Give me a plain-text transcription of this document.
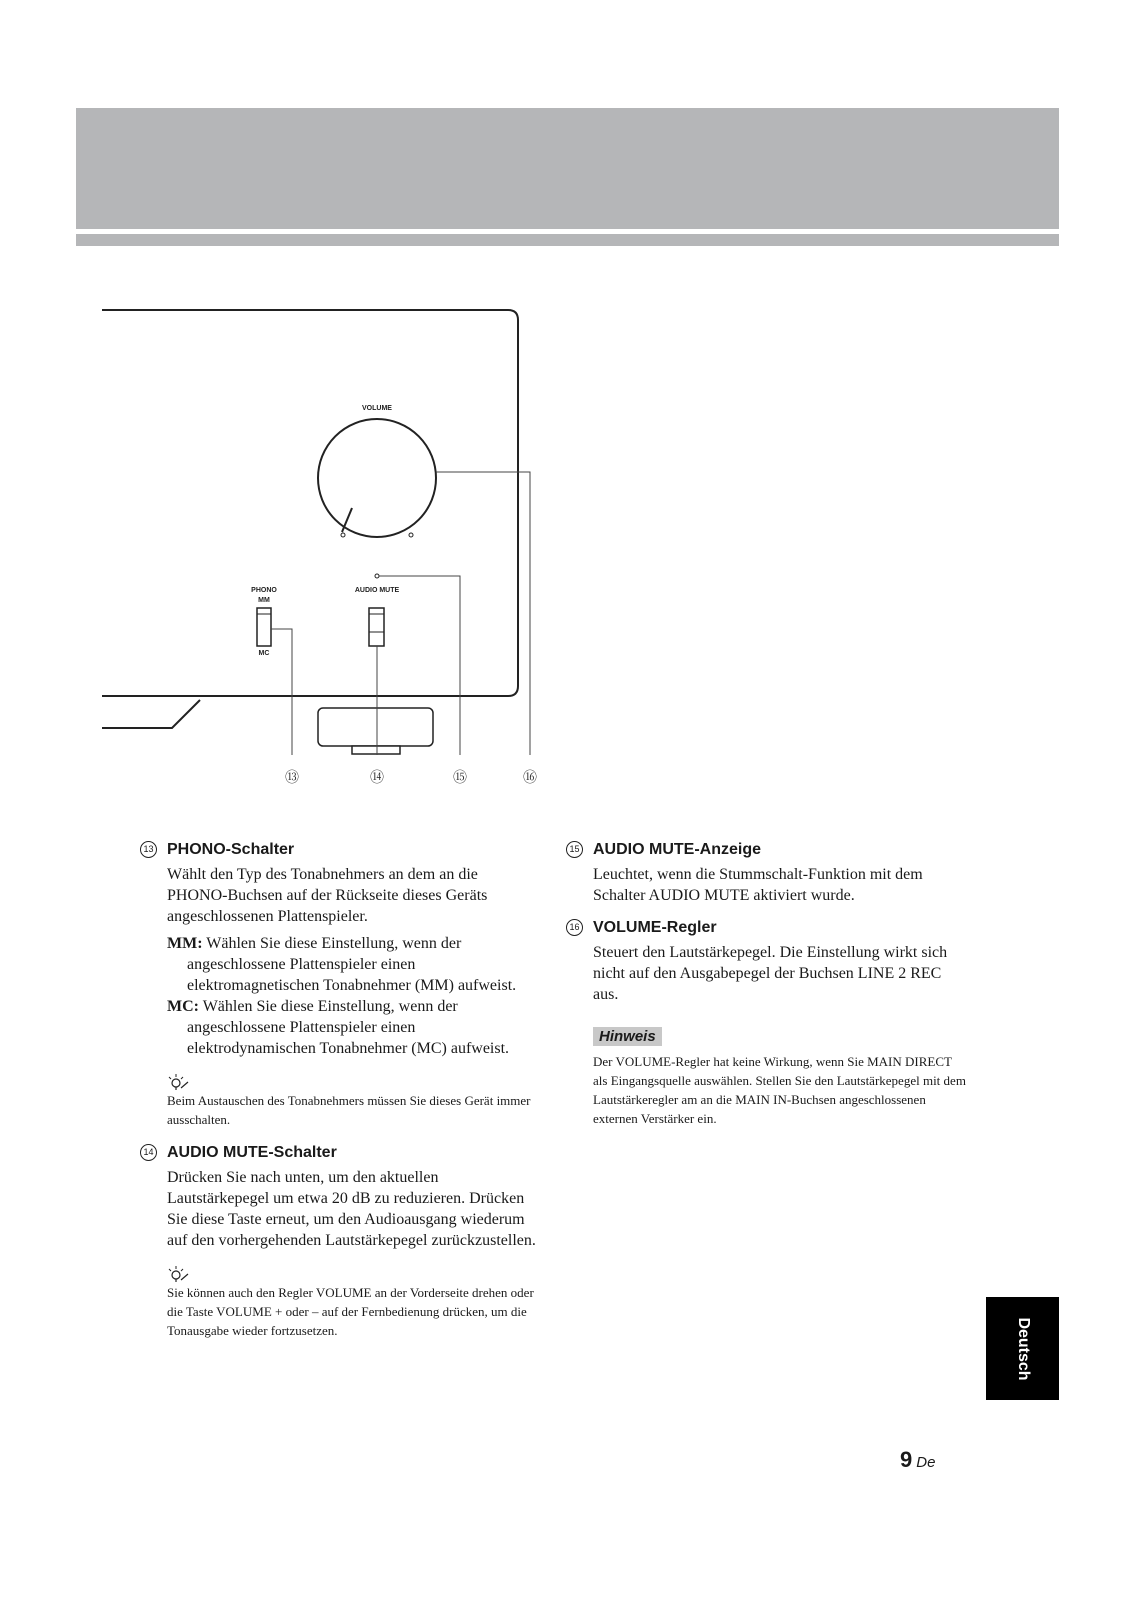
VOLUME
PHONO
MM
MC
AUDIO MUTE
⑬	⑭	⑮	⑯
13 PHONO-Schalter

Wählt den Typ des Tonabnehmers an dem an die PHONO-Buchsen auf der Rückseite dieses Geräts angeschlossenen Plattenspieler.

MM: Wählen Sie diese Einstellung, wenn der angeschlossene Plattenspieler einen elektromagnetischen Tonabnehmer (MM) aufweist.

MC: Wählen Sie diese Einstellung, wenn der angeschlossene Plattenspieler einen elektrodynamischen Tonabnehmer (MC) aufweist.

Beim Austauschen des Tonabnehmers müssen Sie dieses Gerät immer ausschalten.
14 AUDIO MUTE-Schalter

Drücken Sie nach unten, um den aktuellen Lautstärkepegel um etwa 20 dB zu reduzieren. Drücken Sie diese Taste erneut, um den Audioausgang wiederum auf den vorhergehenden Lautstärkepegel zurückzustellen.

Sie können auch den Regler VOLUME an der Vorderseite drehen oder die Taste VOLUME + oder – auf der Fernbedienung drücken, um die Tonausgabe wieder fortzusetzen.
15 AUDIO MUTE-Anzeige

Leuchtet, wenn die Stummschalt-Funktion mit dem Schalter AUDIO MUTE aktiviert wurde.

16 VOLUME-Regler

Steuert den Lautstärkepegel. Die Einstellung wirkt sich nicht auf den Ausgabepegel der Buchsen LINE 2 REC aus.

Hinweis
Der VOLUME-Regler hat keine Wirkung, wenn Sie MAIN DIRECT als Eingangsquelle auswählen. Stellen Sie den Lautstärkepegel mit dem Lautstärkeregler am an die MAIN IN-Buchsen angeschlossenen externen Verstärker ein.
Deutsch
9 De
